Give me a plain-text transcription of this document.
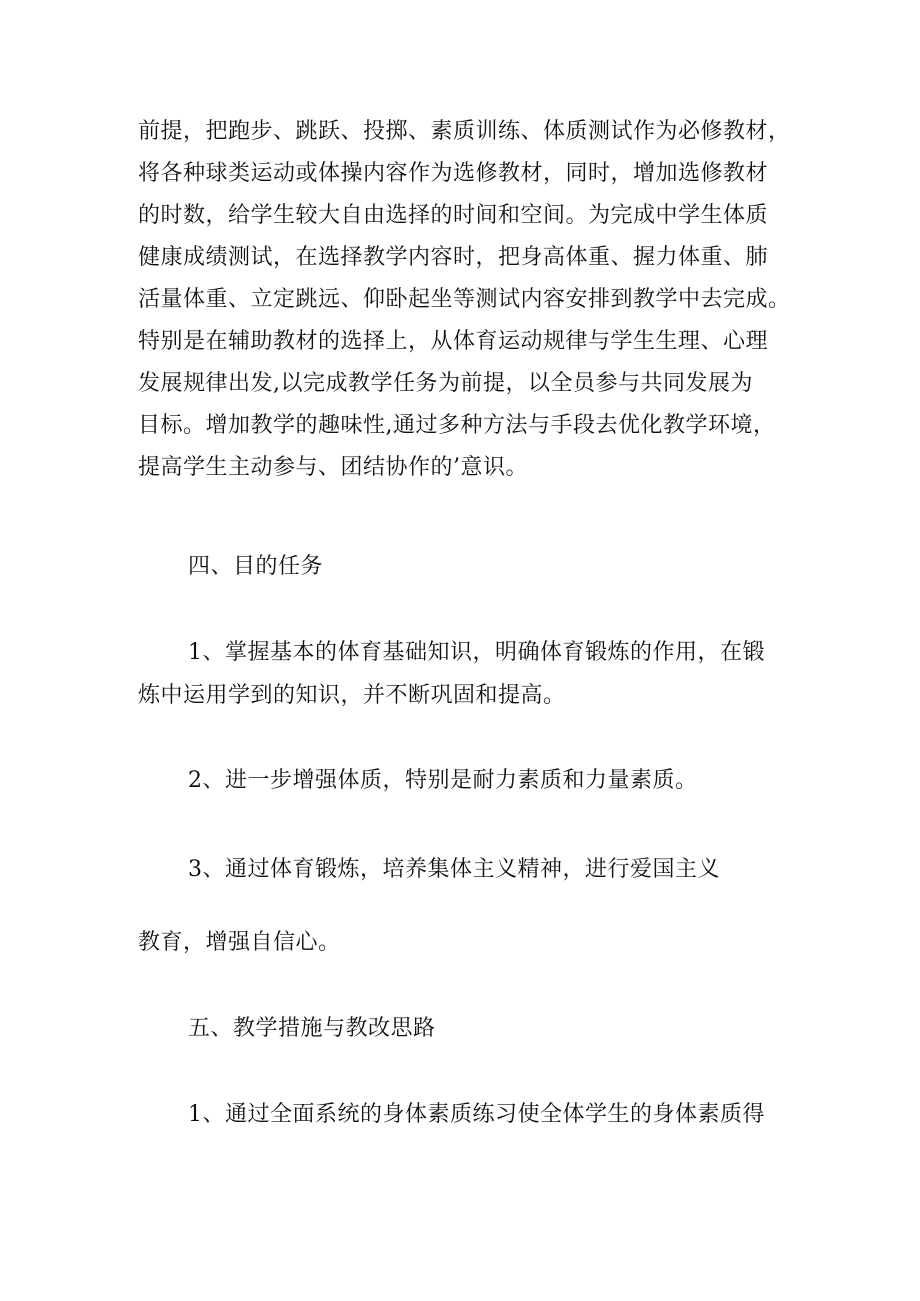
前提，把跑步、跳跃、投掷、素质训练、体质测试作为必修教材，
将各种球类运动或体操内容作为选修教材，同时，增加选修教材
的时数，给学生较大自由选择的时间和空间。为完成中学生体质
健康成绩测试，在选择教学内容时，把身高体重、握力体重、肺
活量体重、立定跳远、仰卧起坐等测试内容安排到教学中去完成。
特别是在辅助教材的选择上，从体育运动规律与学生生理、心理
发展规律出发,以完成教学任务为前提，以全员参与共同发展为
目标。增加教学的趣味性,通过多种方法与手段去优化教学环境，
提高学生主动参与、团结协作的’意识。
四、目的任务
1、掌握基本的体育基础知识，明确体育锻炼的作用，在锻
炼中运用学到的知识，并不断巩固和提高。
2、进一步增强体质，特别是耐力素质和力量素质。
3、通过体育锻炼，培养集体主义精神，进行爱国主义
教育，增强自信心。
五、教学措施与教改思路
1、通过全面系统的身体素质练习使全体学生的身体素质得
